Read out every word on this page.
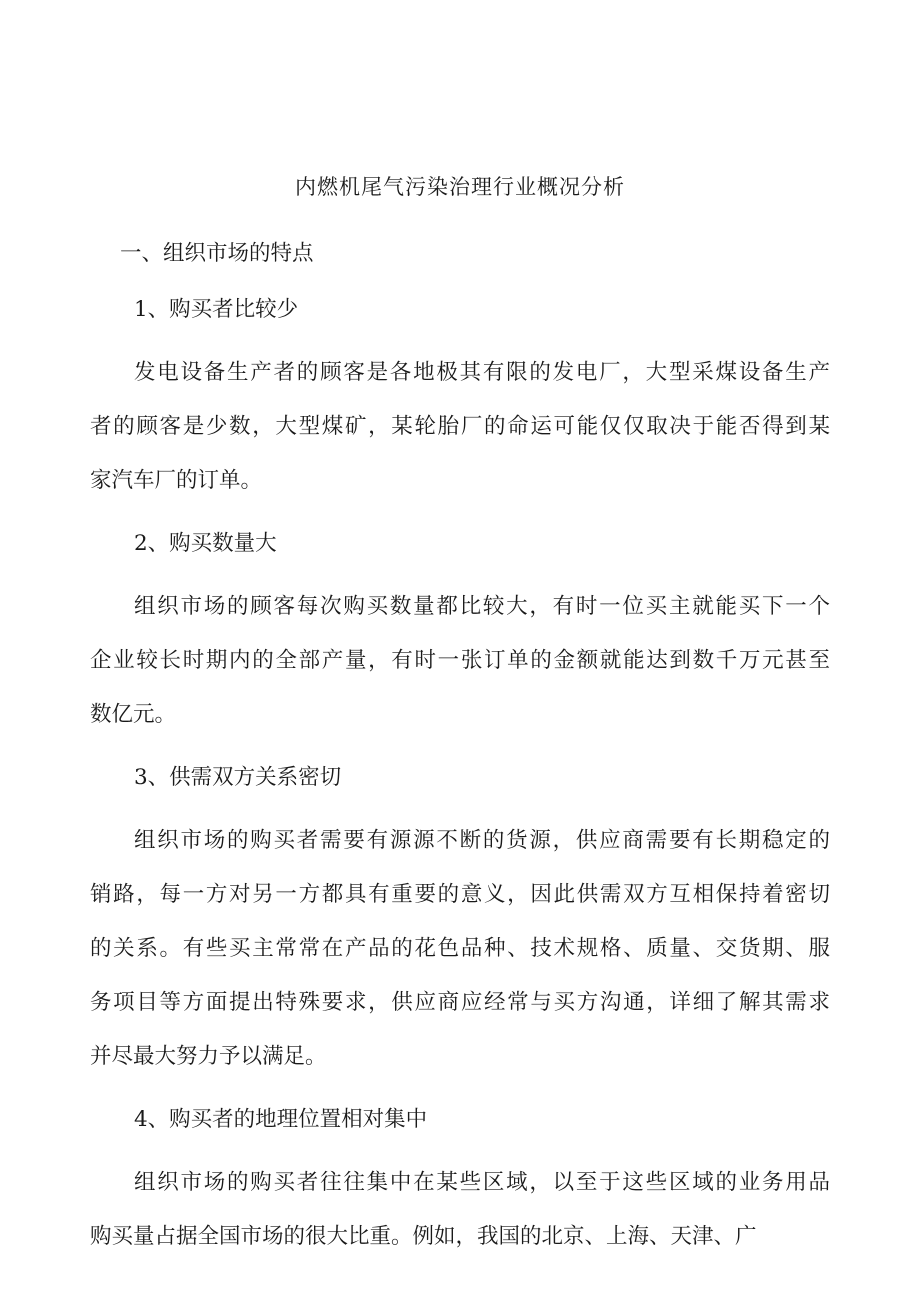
内燃机尾气污染治理行业概况分析
一、组织市场的特点
1、购买者比较少
发电设备生产者的顾客是各地极其有限的发电厂，大型采煤设备生产
者的顾客是少数，大型煤矿，某轮胎厂的命运可能仅仅取决于能否得到某
家汽车厂的订单。
2、购买数量大
组织市场的顾客每次购买数量都比较大，有时一位买主就能买下一个
企业较长时期内的全部产量，有时一张订单的金额就能达到数千万元甚至
数亿元。
3、供需双方关系密切
组织市场的购买者需要有源源不断的货源，供应商需要有长期稳定的
销路，每一方对另一方都具有重要的意义，因此供需双方互相保持着密切
的关系。有些买主常常在产品的花色品种、技术规格、质量、交货期、服
务项目等方面提出特殊要求，供应商应经常与买方沟通，详细了解其需求
并尽最大努力予以满足。
4、购买者的地理位置相对集中
组织市场的购买者往往集中在某些区域，以至于这些区域的业务用品
购买量占据全国市场的很大比重。例如，我国的北京、上海、天津、广
